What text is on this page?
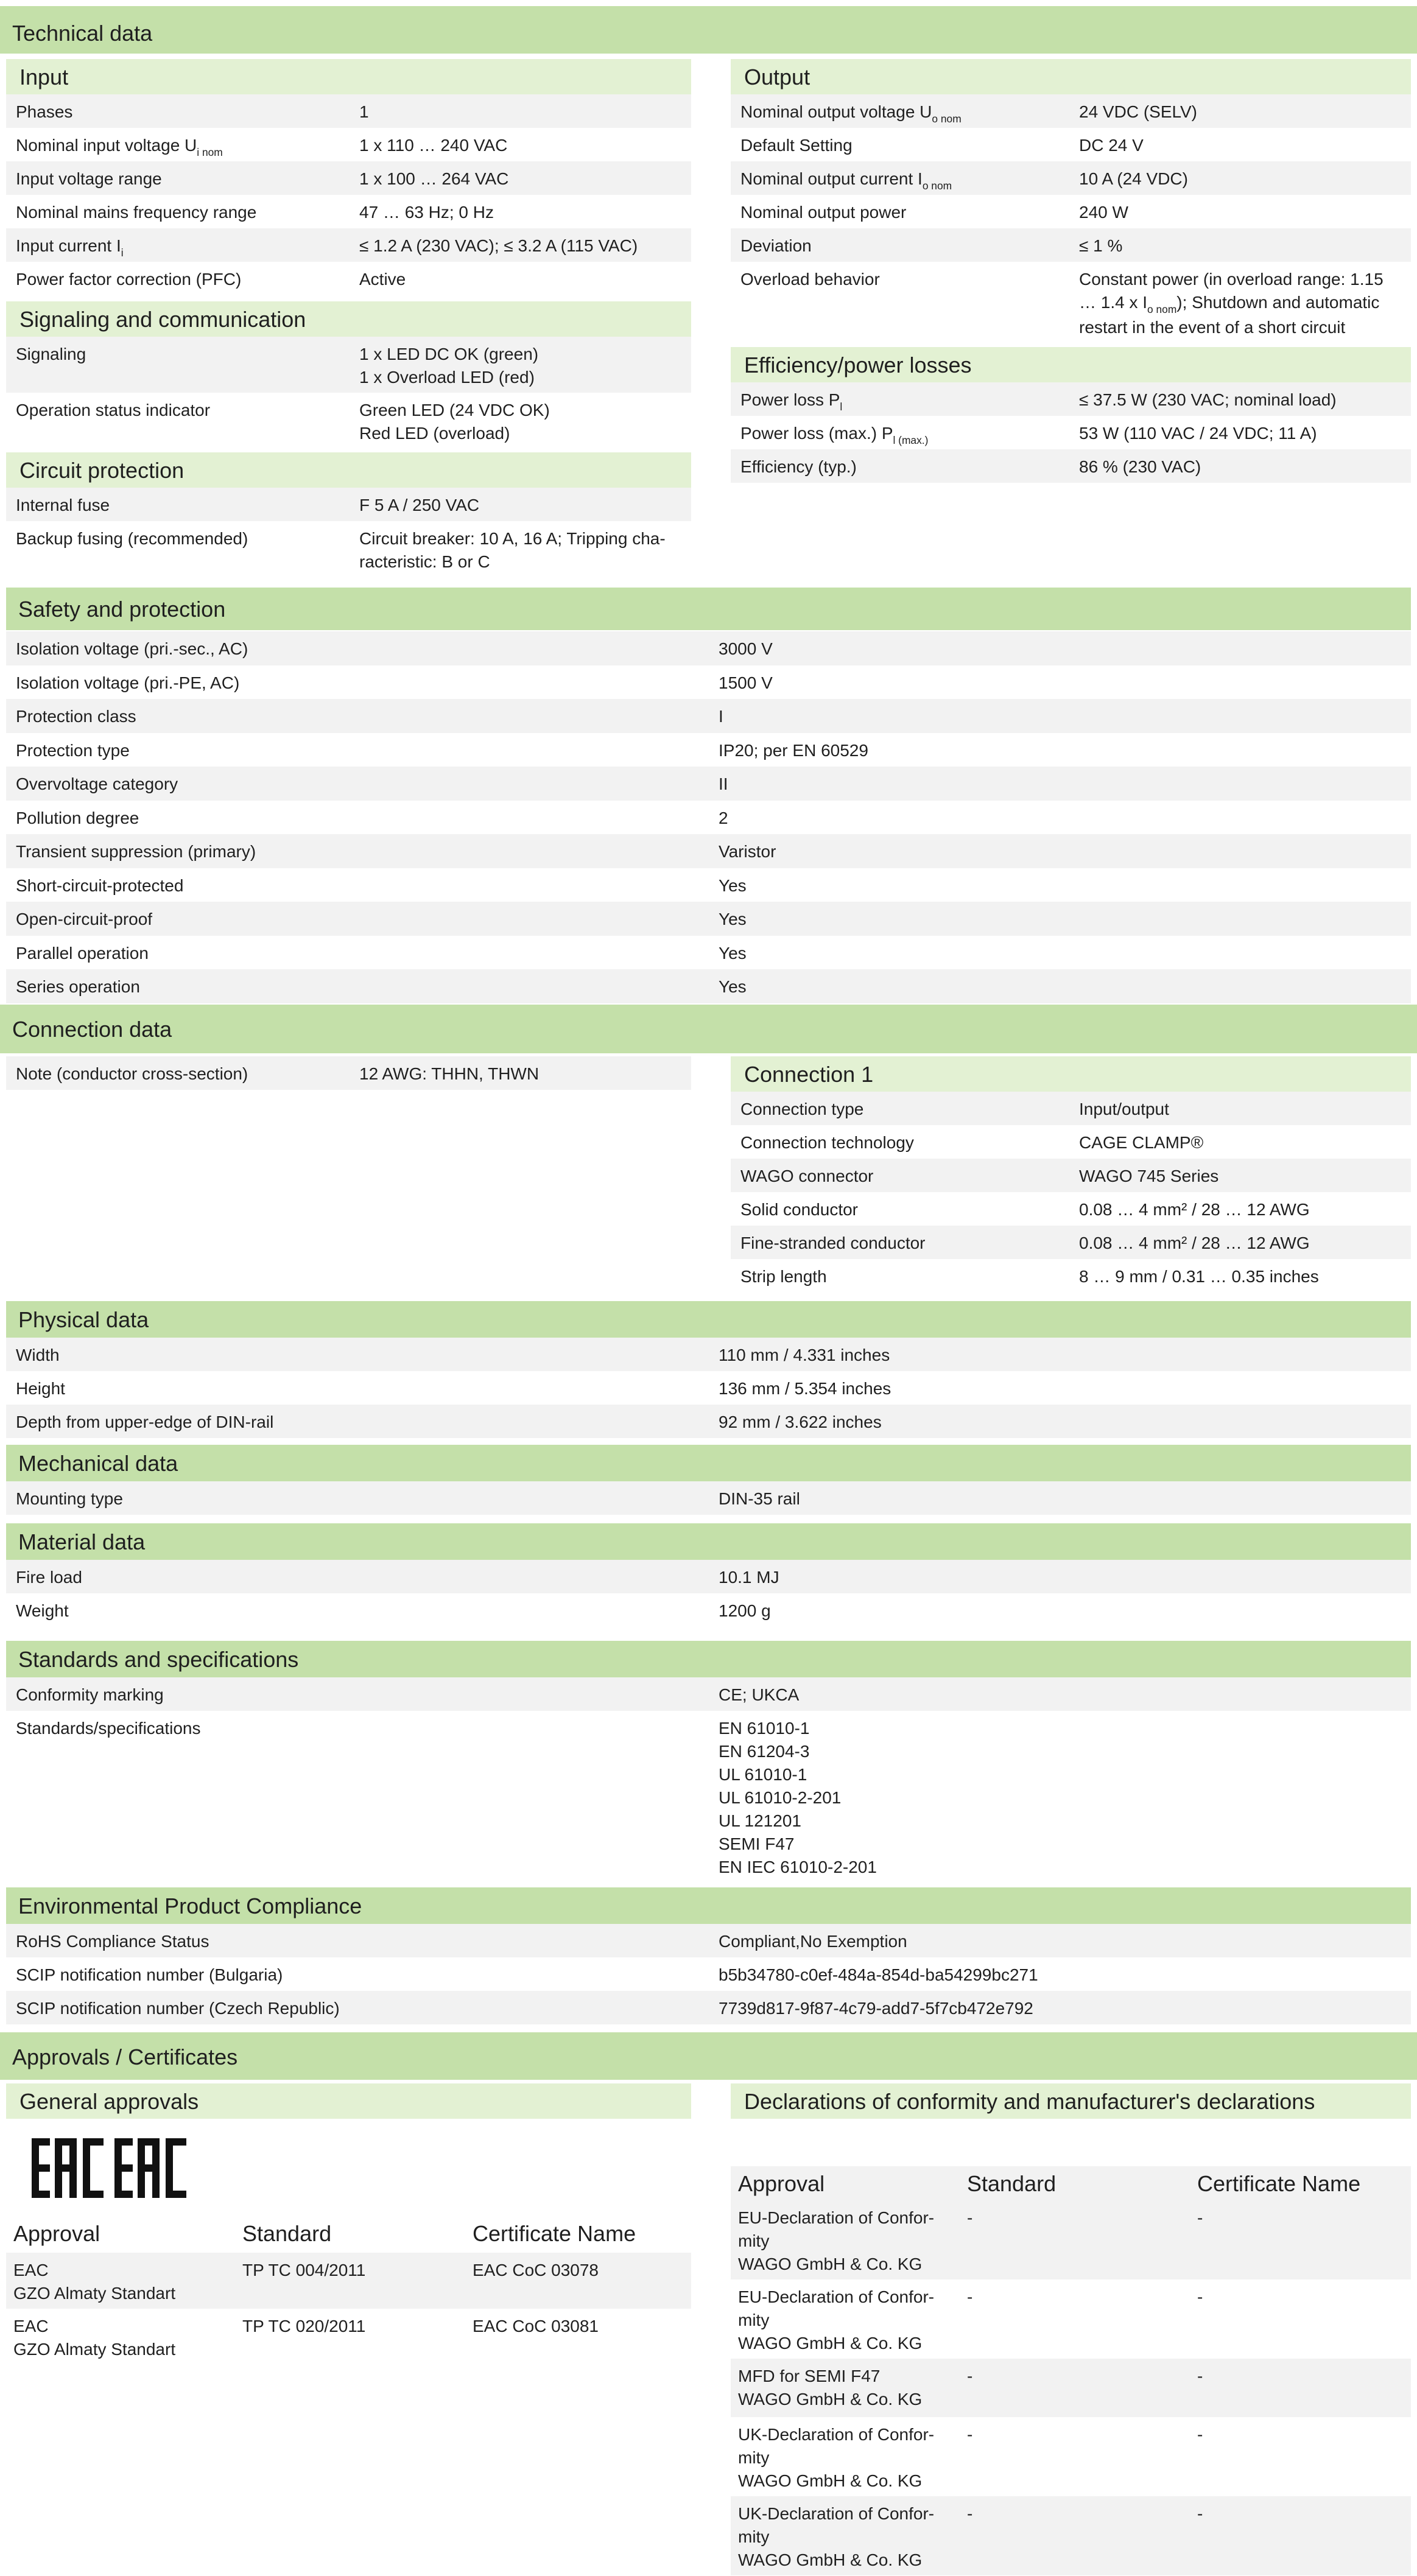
Technical data
Input
Phases	1
Nominal input voltage $U_{i nom}$	1 x 110 … 240 VAC
Input voltage range	1 x 100 … 264 VAC
Nominal mains frequency range	47 … 63 Hz; 0 Hz
Input current $I_i$	≤ 1.2 A (230 VAC); ≤ 3.2 A (115 VAC)
Power factor correction (PFC)	Active
Signaling and communication
Signaling	1 x LED DC OK (green)
1 x Overload LED (red)
Operation status indicator	Green LED (24 VDC OK)
Red LED (overload)
Circuit protection
Internal fuse	F 5 A / 250 VAC
Backup fusing (recommended)	Circuit breaker: 10 A, 16 A; Tripping cha-
racteristic: B or C
Output
Nominal output voltage $U_{o nom}$	24 VDC (SELV)
Default Setting	DC 24 V
Nominal output current $I_{o nom}$	10 A (24 VDC)
Nominal output power	240 W
Deviation	≤ 1 %
Overload behavior	Constant power (in overload range: 1.15
… 1.4 x $I_{o nom}$); Shutdown and automatic
restart in the event of a short circuit
Efficiency/power losses
Power loss $P_l$	≤ 37.5 W (230 VAC; nominal load)
Power loss (max.) $P_{l (max.)}$	53 W (110 VAC / 24 VDC; 11 A)
Efficiency (typ.)	86 % (230 VAC)
Safety and protection
Isolation voltage (pri.-sec., AC)	3000 V
Isolation voltage (pri.-PE, AC)	1500 V
Protection class	I
Protection type	IP20; per EN 60529
Overvoltage category	II
Pollution degree	2
Transient suppression (primary)	Varistor
Short-circuit-protected	Yes
Open-circuit-proof	Yes
Parallel operation	Yes
Series operation	Yes
Connection data
Note (conductor cross-section)	12 AWG: THHN, THWN	Connection 1
Connection type	Input/output
Connection technology	CAGE CLAMP®
WAGO connector	WAGO 745 Series
Solid conductor	0.08 … 4 mm² / 28 … 12 AWG
Fine-stranded conductor	0.08 … 4 mm² / 28 … 12 AWG
Strip length	8 … 9 mm / 0.31 … 0.35 inches
Physical data
Width	110 mm / 4.331 inches
Height	136 mm / 5.354 inches
Depth from upper-edge of DIN-rail	92 mm / 3.622 inches
Mechanical data
Mounting type	DIN-35 rail
Material data
Fire load	10.1 MJ
Weight	1200 g
Standards and specifications
Conformity marking	CE; UKCA
Standards/specifications	EN 61010-1
EN 61204-3
UL 61010-1
UL 61010-2-201
UL 121201
SEMI F47
EN IEC 61010-2-201
Environmental Product Compliance
RoHS Compliance Status	Compliant,No Exemption
SCIP notification number (Bulgaria)	b5b34780-c0ef-484a-854d-ba54299bc271
SCIP notification number (Czech Republic)	7739d817-9f87-4c79-add7-5f7cb472e792
Approvals / Certificates
General approvals
Approval	Standard	Certificate Name
EAC
GZO Almaty Standart
TP TC 004/2011	EAC CoC 03078
EAC
GZO Almaty Standart
TP TC 020/2011	EAC CoC 03081
Declarations of conformity and manufacturer's declarations
Approval	Standard	Certificate Name
EU-Declaration of Confor-
mity
WAGO GmbH & Co. KG
-	-
EU-Declaration of Confor-
mity
WAGO GmbH & Co. KG
-	-
MFD for SEMI F47
WAGO GmbH & Co. KG
-	-
UK-Declaration of Confor-
mity
WAGO GmbH & Co. KG
-	-
UK-Declaration of Confor-
mity
WAGO GmbH & Co. KG
-	-
